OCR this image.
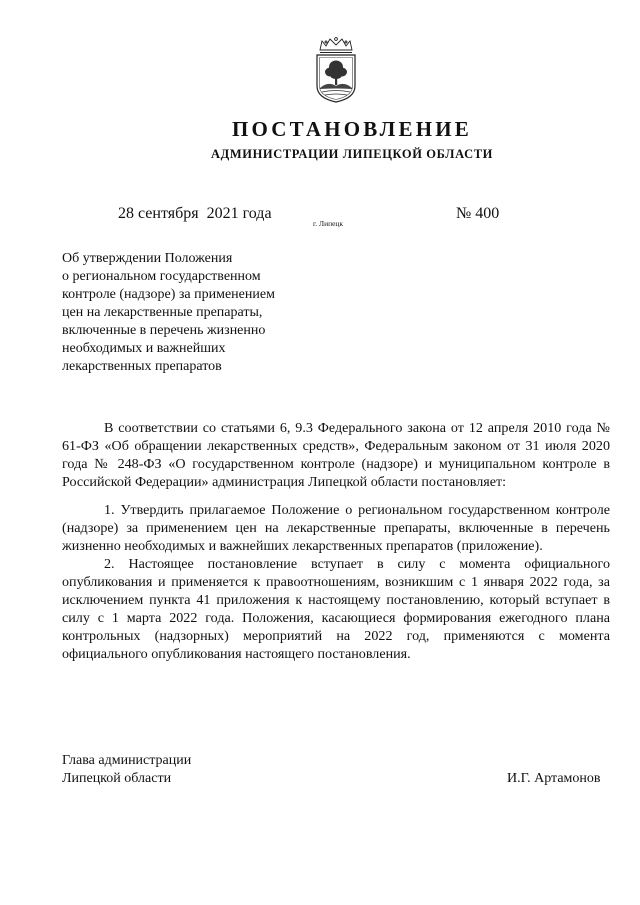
ПОСТАНОВЛЕНИЕ
АДМИНИСТРАЦИИ ЛИПЕЦКОЙ ОБЛАСТИ
28 сентября  2021 года
г. Липецк
№ 400
Об утверждении Положения
о региональном государственном
контроле (надзоре) за применением
цен на лекарственные препараты,
включенные в перечень жизненно
необходимых и важнейших
лекарственных препаратов

В соответствии со статьями 6, 9.3 Федерального закона от 12 апреля 2010 года № 61-ФЗ «Об обращении лекарственных средств», Федеральным законом от 31 июля 2020 года № 248-ФЗ «О государственном контроле (надзоре) и муниципальном контроле в Российской Федерации» администрация Липецкой области постановляет:

1. Утвердить прилагаемое Положение о региональном государственном контроле (надзоре) за применением цен на лекарственные препараты, включенные в перечень жизненно необходимых и важнейших лекарственных препаратов (приложение).

2. Настоящее постановление вступает в силу с момента официального опубликования и применяется к правоотношениям, возникшим с 1 января 2022 года, за исключением пункта 41 приложения к настоящему постановлению, который вступает в силу с 1 марта 2022 года. Положения, касающиеся формирования ежегодного плана контрольных (надзорных) мероприятий на 2022 год, применяются с момента официального опубликования настоящего постановления.

Глава администрации
Липецкой области	И.Г. Артамонов
